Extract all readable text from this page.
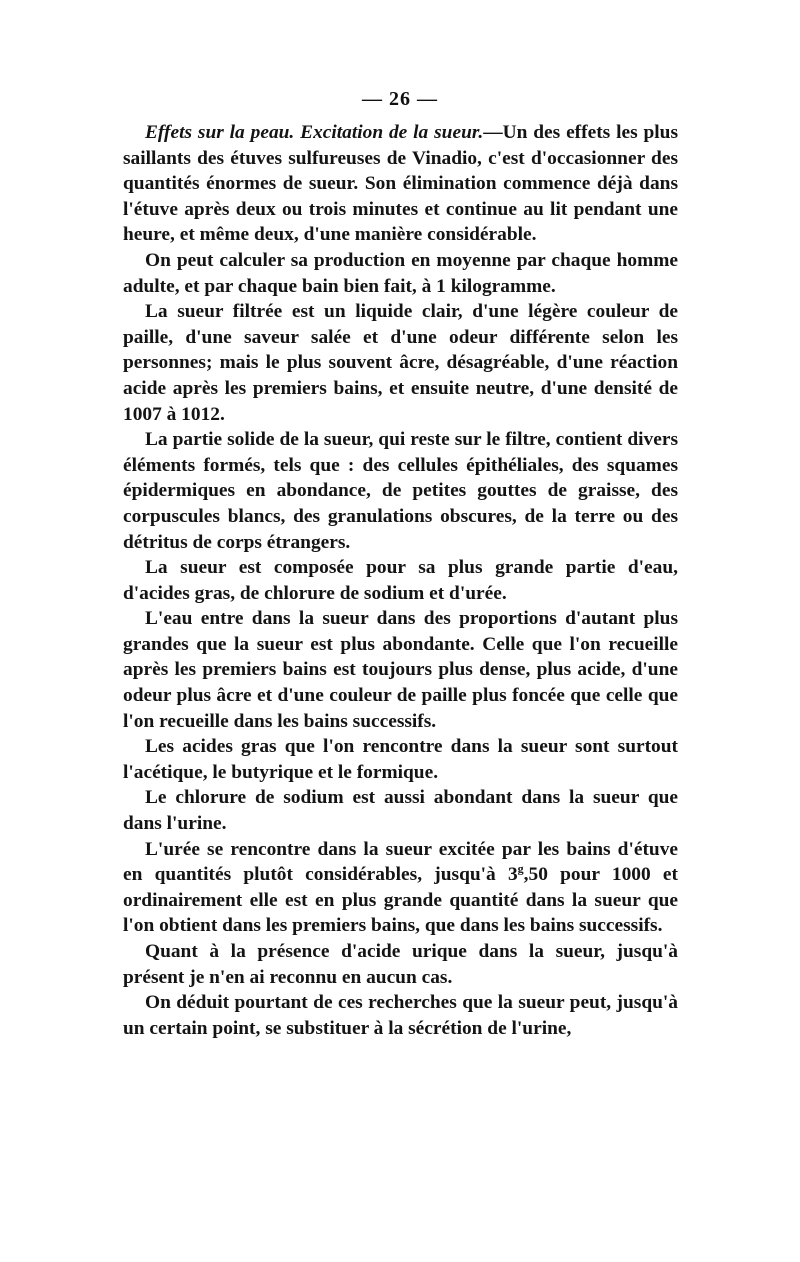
— 26 —

Effets sur la peau. Excitation de la sueur.—Un des effets les plus saillants des étuves sulfureuses de Vinadio, c'est d'occasionner des quantités énormes de sueur. Son élimination commence déjà dans l'étuve après deux ou trois minutes et continue au lit pendant une heure, et même deux, d'une manière considérable.

On peut calculer sa production en moyenne par chaque homme adulte, et par chaque bain bien fait, à 1 kilogramme.

La sueur filtrée est un liquide clair, d'une légère couleur de paille, d'une saveur salée et d'une odeur différente selon les personnes; mais le plus souvent âcre, désagréable, d'une réaction acide après les premiers bains, et ensuite neutre, d'une densité de 1007 à 1012.

La partie solide de la sueur, qui reste sur le filtre, contient divers éléments formés, tels que : des cellules épithéliales, des squames épidermiques en abondance, de petites gouttes de graisse, des corpuscules blancs, des granulations obscures, de la terre ou des détritus de corps étrangers.

La sueur est composée pour sa plus grande partie d'eau, d'acides gras, de chlorure de sodium et d'urée.

L'eau entre dans la sueur dans des proportions d'autant plus grandes que la sueur est plus abondante. Celle que l'on recueille après les premiers bains est toujours plus dense, plus acide, d'une odeur plus âcre et d'une couleur de paille plus foncée que celle que l'on recueille dans les bains successifs.

Les acides gras que l'on rencontre dans la sueur sont surtout l'acétique, le butyrique et le formique.

Le chlorure de sodium est aussi abondant dans la sueur que dans l'urine.

L'urée se rencontre dans la sueur excitée par les bains d'étuve en quantités plutôt considérables, jusqu'à 3$^g$,50 pour 1000 et ordinairement elle est en plus grande quantité dans la sueur que l'on obtient dans les premiers bains, que dans les bains successifs.

Quant à la présence d'acide urique dans la sueur, jusqu'à présent je n'en ai reconnu en aucun cas.

On déduit pourtant de ces recherches que la sueur peut, jusqu'à un certain point, se substituer à la sécrétion de l'urine,
